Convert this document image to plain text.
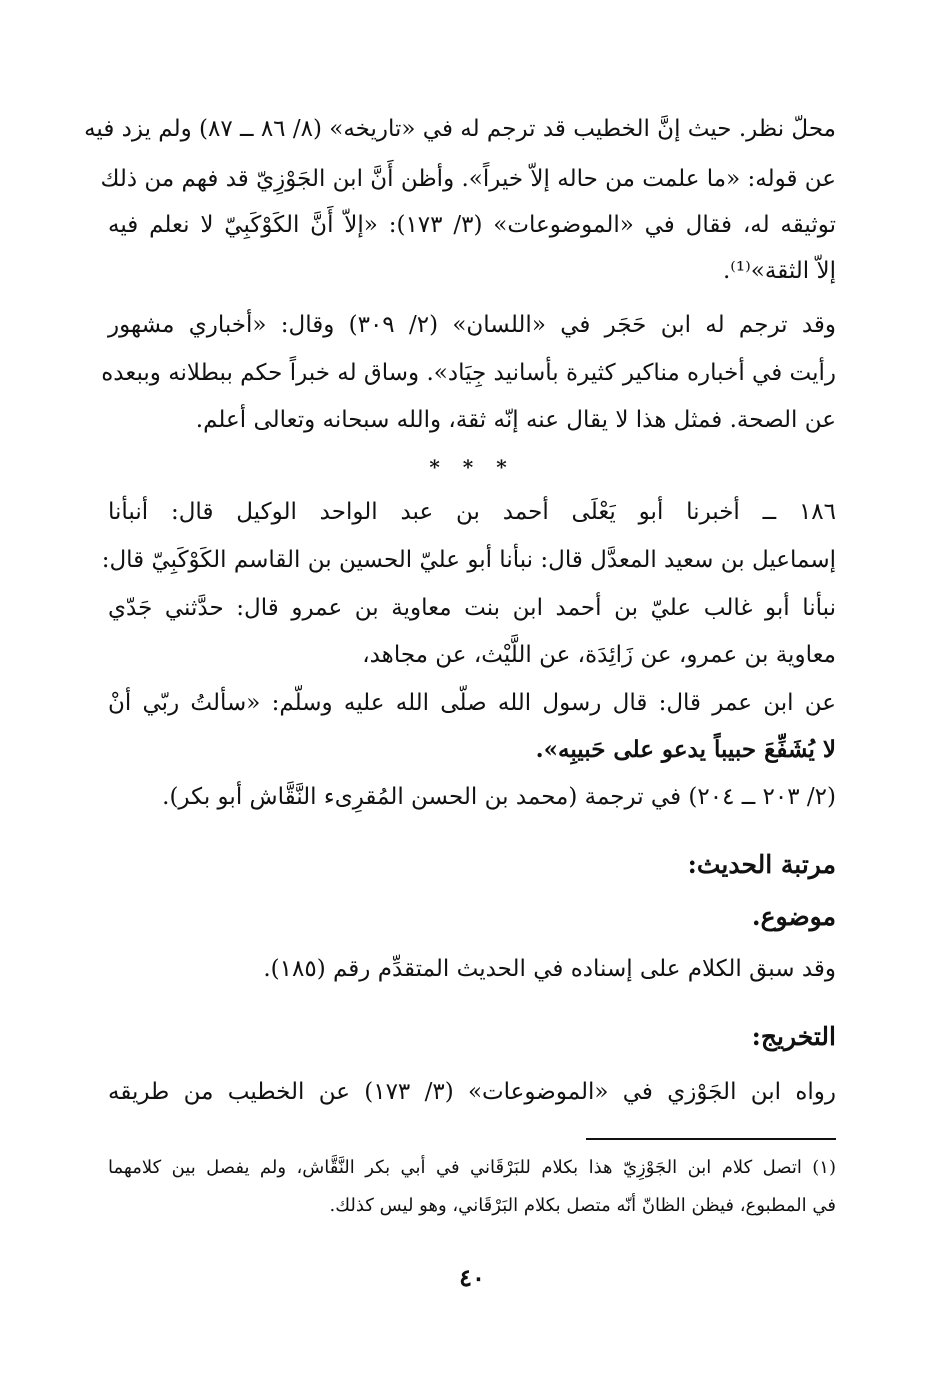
محلّ نظر. حيث إنَّ الخطيب قد ترجم له في «تاريخه» (٨/ ٨٦ ــ ٨٧) ولم يزد فيه
عن قوله: «ما علمت من حاله إلاّ خيراً». وأظن أَنَّ ابن الجَوْزِيّ قد فهم من ذلك
توثيقه له، فقال في «الموضوعات» (٣/ ١٧٣): «إلاّ أَنَّ الكَوْكَبِيّ لا نعلم فيه
إلاّ الثقة»⁽¹⁾.
وقد ترجم له ابن حَجَر في «اللسان» (٢/ ٣٠٩) وقال: «أخباري مشهور
رأيت في أخباره مناكير كثيرة بأسانيد جِيَاد». وساق له خبراً حكم ببطلانه وببعده
عن الصحة. فمثل هذا لا يقال عنه إنّه ثقة، والله سبحانه وتعالى أعلم.
* * *
١٨٦ ــ أخبرنا أبو يَعْلَى أحمد بن عبد الواحد الوكيل قال: أنبأنا
إسماعيل بن سعيد المعدَّل قال: نبأنا أبو عليّ الحسين بن القاسم الكَوْكَبِيّ قال:
نبأنا أبو غالب عليّ بن أحمد ابن بنت معاوية بن عمرو قال: حدَّثني جَدّي
معاوية بن عمرو، عن زَائِدَة، عن اللَّيْث، عن مجاهد،
عن ابن عمر قال: قال رسول الله صلّى الله عليه وسلّم: «سألتُ ربّي أنْ
لا يُشَفِّعَ حبيباً يدعو على حَبيبِه».
(٢/ ٢٠٣ ــ ٢٠٤) في ترجمة (محمد بن الحسن المُقرِىء النَّقَّاش أبو بكر).
مرتبة الحديث:
موضوع.
وقد سبق الكلام على إسناده في الحديث المتقدِّم رقم (١٨٥).
التخريج:
رواه ابن الجَوْزي في «الموضوعات» (٣/ ١٧٣) عن الخطيب من طريقه
(١) اتصل كلام ابن الجَوْزِيّ هذا بكلام للبَرْقَاني في أبي بكر النَّقَّاش، ولم يفصل بين كلامهما
في المطبوع، فيظن الظانّ أنّه متصل بكلام البَرْقَاني، وهو ليس كذلك.
٤٠
